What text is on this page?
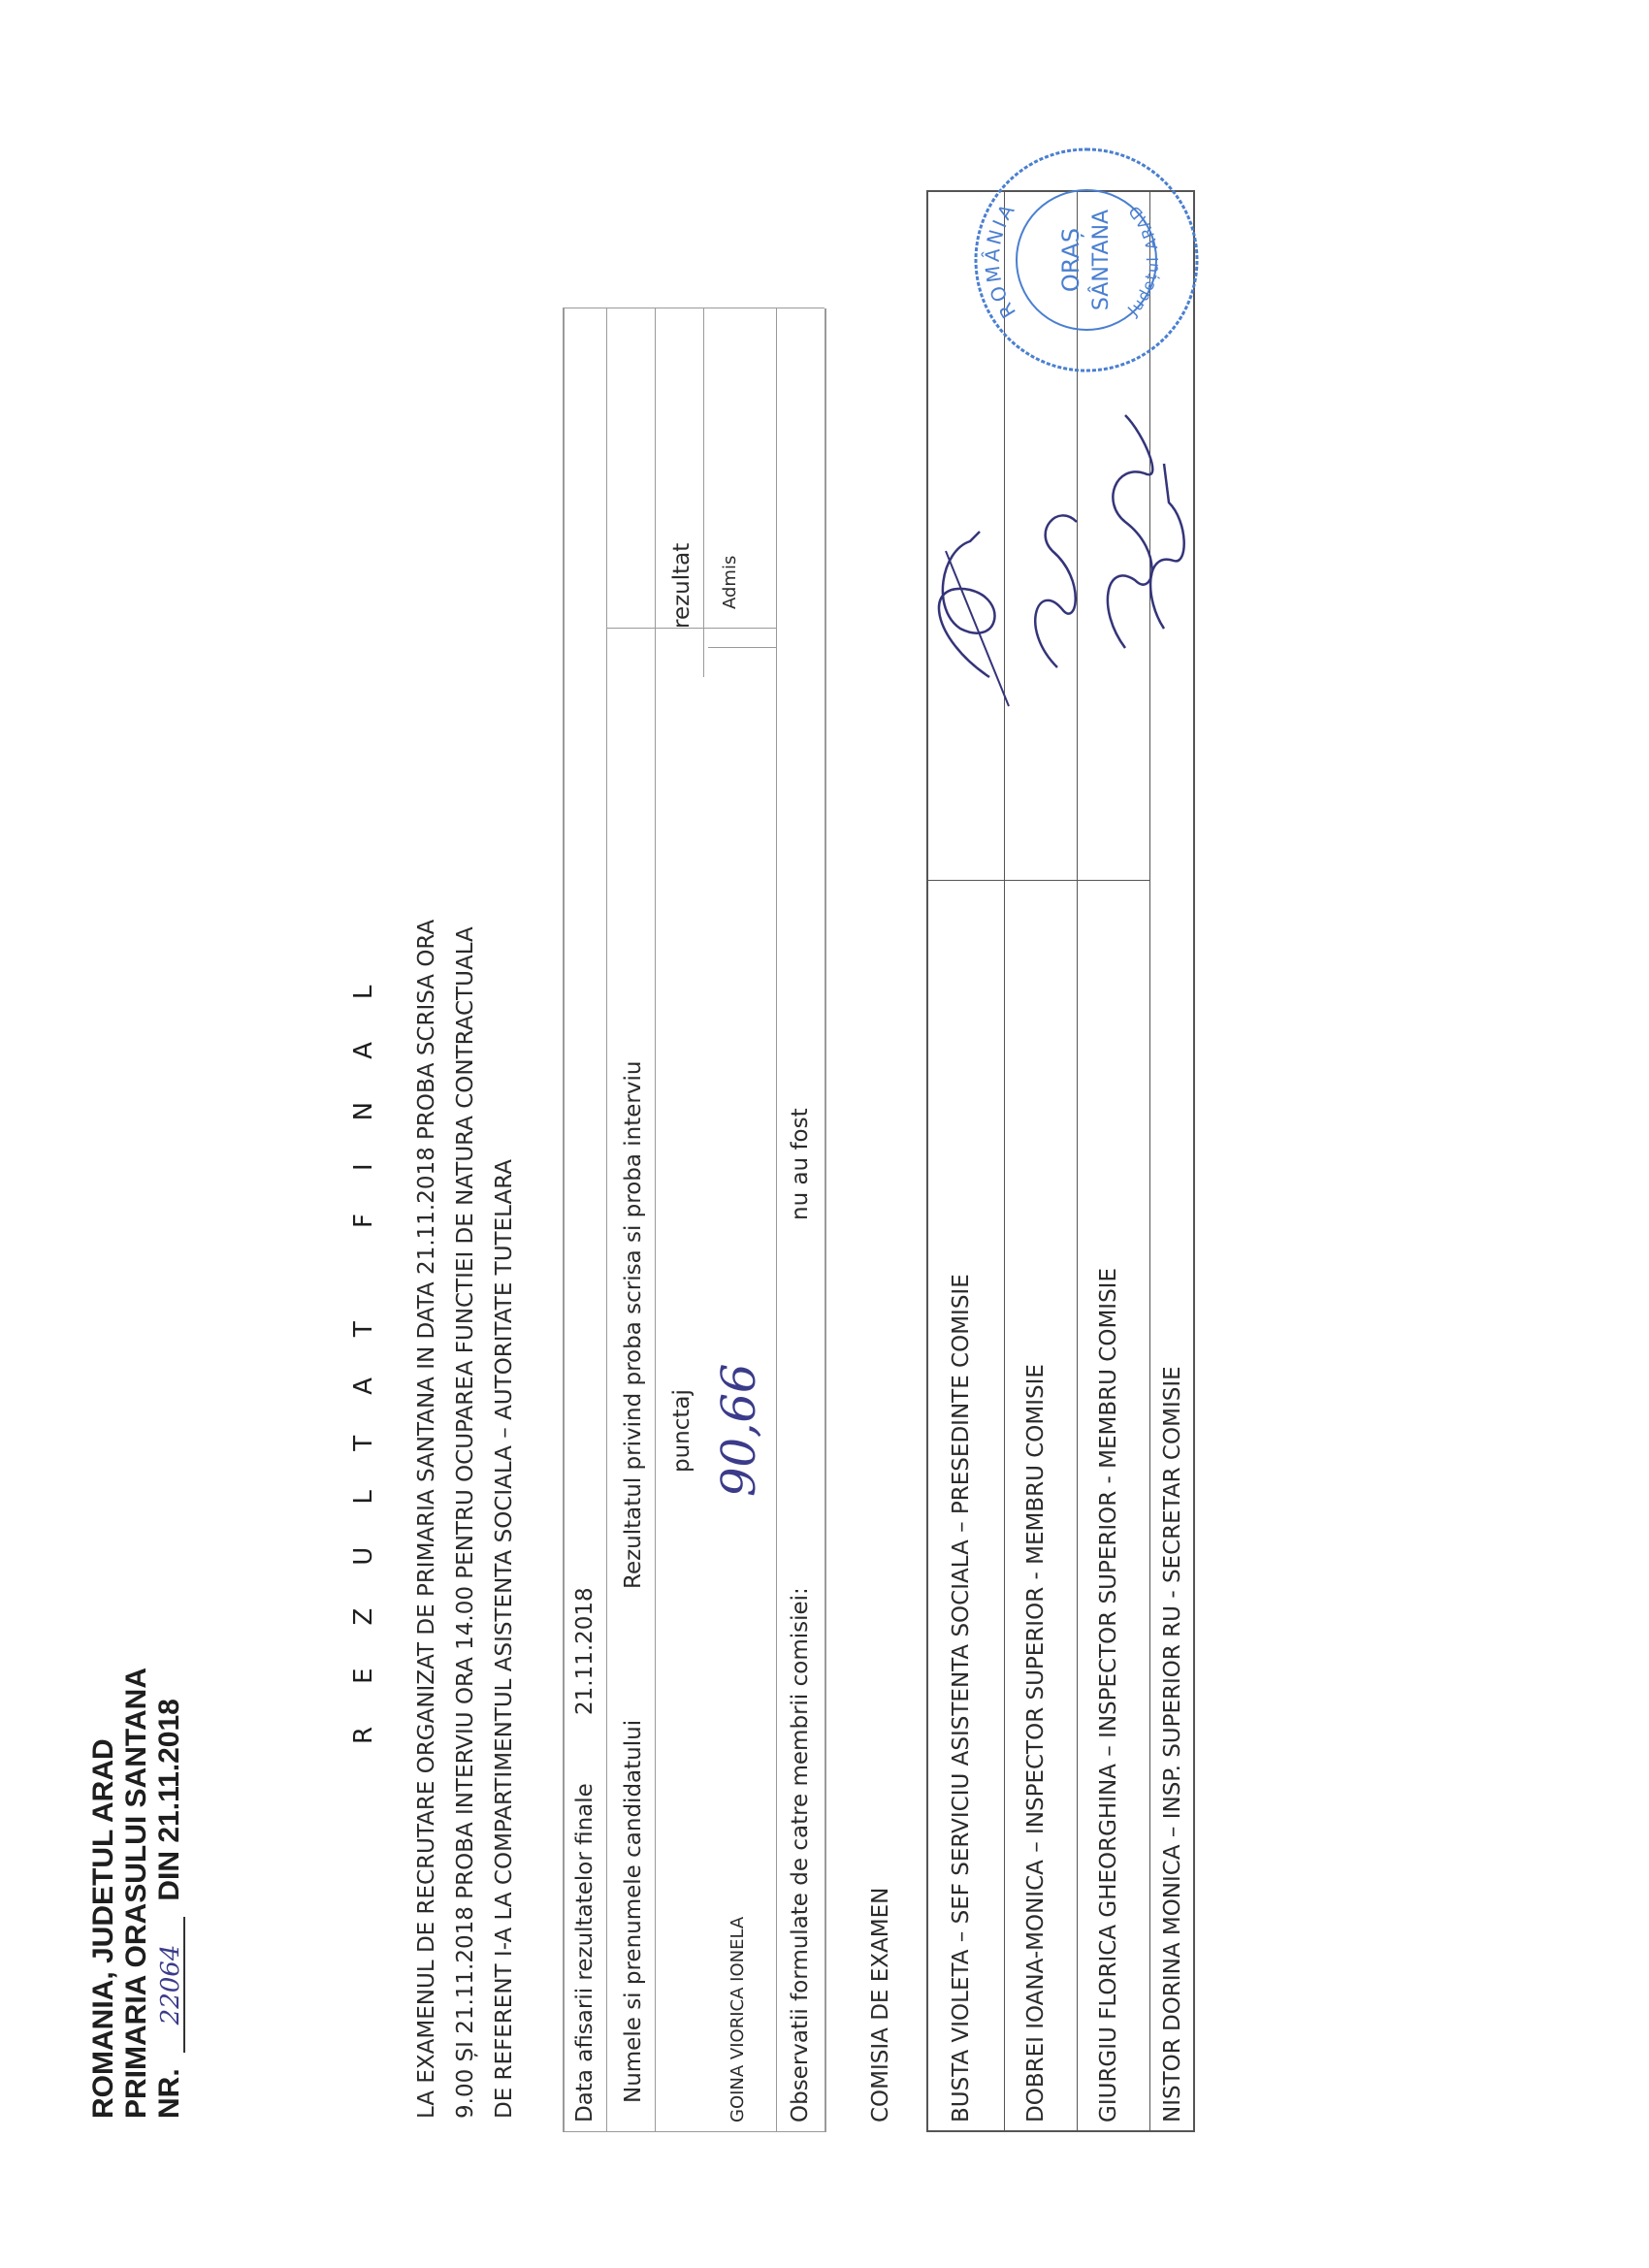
ROMANIA, JUDETUL ARAD PRIMARIA ORASULUI SANTANA NR. 22064 DIN 21.11.2018
REZULTAT FINAL	LA EXAMENUL DE RECRUTARE ORGANIZAT DE PRIMARIA SANTANA IN DATA 21.11.2018 PROBA SCRISA ORA 9.00 ȘI 21.11.2018 PROBA INTERVIU ORA 14.00 PENTRU OCUPAREA FUNCTIEI DE NATURA CONTRACTUALA DE REFERENT I-A LA COMPARTIMENTUL ASISTENTA SOCIALA – AUTORITATE TUTELARA	Data afisarii rezultatelor finale
21.11.2018
Numele si prenumele candidatului
Rezultatul privind proba scrisa si proba interviu punctaj
rezultat
GOINA VIORICA IONELA
90,66
Admis
Observatii formulate de catre membrii comisiei:
nu au fost
COMISIA DE EXAMEN BUSTA VIOLETA – SEF SERVICIU ASISTENTA SOCIALA – PRESEDINTE COMISIE DOBREI IOANA-MONICA – INSPECTOR SUPERIOR - MEMBRU COMISIE GIURGIU FLORICA GHEORGHINA – INSPECTOR SUPERIOR - MEMBRU COMISIE NISTOR DORINA MONICA – INSP. SUPERIOR RU - SECRETAR COMISIE
ROMÂNIA
Județul ARAD
ORAȘ SÂNTANA
